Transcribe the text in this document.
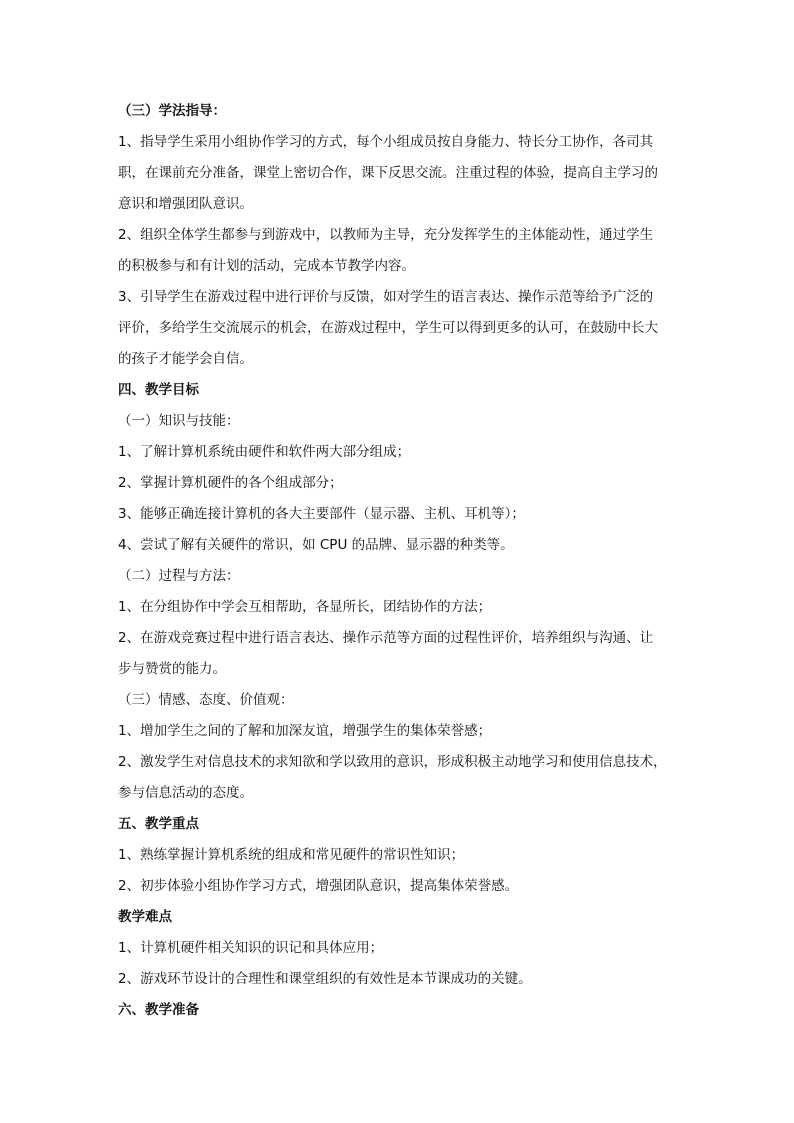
（三）学法指导：
1、指导学生采用小组协作学习的方式，每个小组成员按自身能力、特长分工协作，各司其
职，在课前充分准备，课堂上密切合作，课下反思交流。注重过程的体验，提高自主学习的
意识和增强团队意识。
2、组织全体学生都参与到游戏中，以教师为主导，充分发挥学生的主体能动性，通过学生
的积极参与和有计划的活动，完成本节教学内容。
3、引导学生在游戏过程中进行评价与反馈，如对学生的语言表达、操作示范等给予广泛的
评价，多给学生交流展示的机会，在游戏过程中，学生可以得到更多的认可，在鼓励中长大
的孩子才能学会自信。
四、教学目标
（一）知识与技能：
1、了解计算机系统由硬件和软件两大部分组成；
2、掌握计算机硬件的各个组成部分；
3、能够正确连接计算机的各大主要部件（显示器、主机、耳机等）；
4、尝试了解有关硬件的常识，如 CPU 的品牌、显示器的种类等。
（二）过程与方法：
1、在分组协作中学会互相帮助，各显所长，团结协作的方法；
2、在游戏竞赛过程中进行语言表达、操作示范等方面的过程性评价，培养组织与沟通、让
步与赞赏的能力。
（三）情感、态度、价值观：
1、增加学生之间的了解和加深友谊，增强学生的集体荣誉感；
2、激发学生对信息技术的求知欲和学以致用的意识，形成积极主动地学习和使用信息技术，
参与信息活动的态度。
五、教学重点
1、熟练掌握计算机系统的组成和常见硬件的常识性知识；
2、初步体验小组协作学习方式，增强团队意识，提高集体荣誉感。
教学难点
1、计算机硬件相关知识的识记和具体应用；
2、游戏环节设计的合理性和课堂组织的有效性是本节课成功的关键。
六、教学准备
